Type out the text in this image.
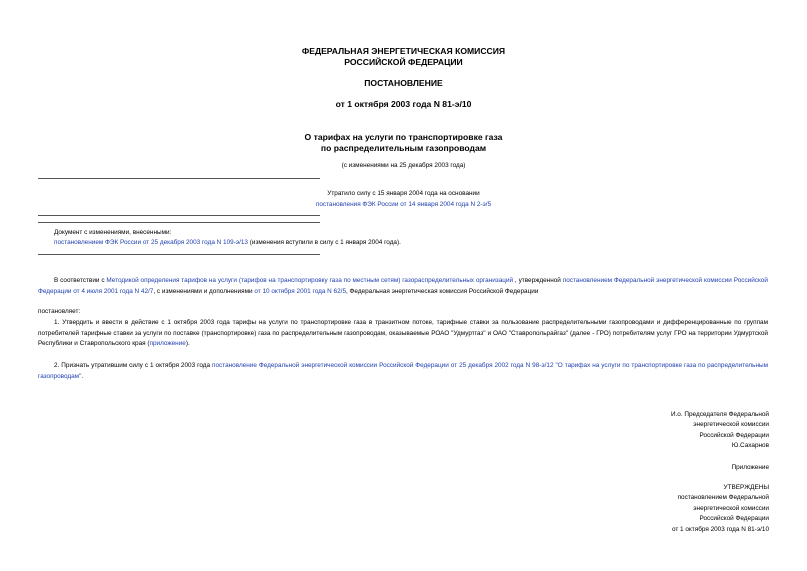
ФЕДЕРАЛЬНАЯ ЭНЕРГЕТИЧЕСКАЯ КОМИССИЯ
РОССИЙСКОЙ ФЕДЕРАЦИИ
ПОСТАНОВЛЕНИЕ
от 1 октября 2003 года N 81-э/10
О тарифах на услуги по транспортировке газа
по распределительным газопроводам
(с изменениями на 25 декабря 2003 года)
Утратило силу с 15 января 2004 года на основании
постановления ФЭК России от 14 января 2004 года N 2-э/5
Документ с изменениями, внесенными:
постановлением ФЭК России от 25 декабря 2003 года N 109-э/13 (изменения вступили в силу с 1 января 2004 года).
В соответствии с Методикой определения тарифов на услуги (тарифов на транспортировку газа по местным сетям) газораспределительных организаций , утвержденной постановлением Федеральной энергетической комиссии Российской Федерации от 4 июля 2001 года N 42/7, с изменениями и дополнениями от 10 октября 2001 года N 62/5, Федеральная энергетическая комиссия Российской Федерации
постановляет:
1. Утвердить и ввести в действие с 1 октября 2003 года тарифы на услуги по транспортировке газа в транзитном потоке, тарифные ставки за пользование распределительными газопроводами и дифференцированные по группам потребителей тарифные ставки за услуги по поставке (транспортировке) газа по распределительным газопроводам, оказываемые РОАО "Удмуртгаз" и ОАО "Ставропольрайгаз" (далее - ГРО) потребителям услуг ГРО на территории Удмуртской Республики и Ставропольского края (приложение).
2. Признать утратившим силу с 1 октября 2003 года постановление Федеральной энергетической комиссии Российской Федерации от 25 декабря 2002 года N 98-э/12 "О тарифах на услуги по транспортировке газа по распределительным газопроводам".
И.о. Председателя Федеральной
энергетической комиссии
Российской Федерации
Ю.Сахарнов
Приложение
УТВЕРЖДЕНЫ
постановлением Федеральной
энергетической комиссии
Российской Федерации
от 1 октября 2003 года N 81-э/10
